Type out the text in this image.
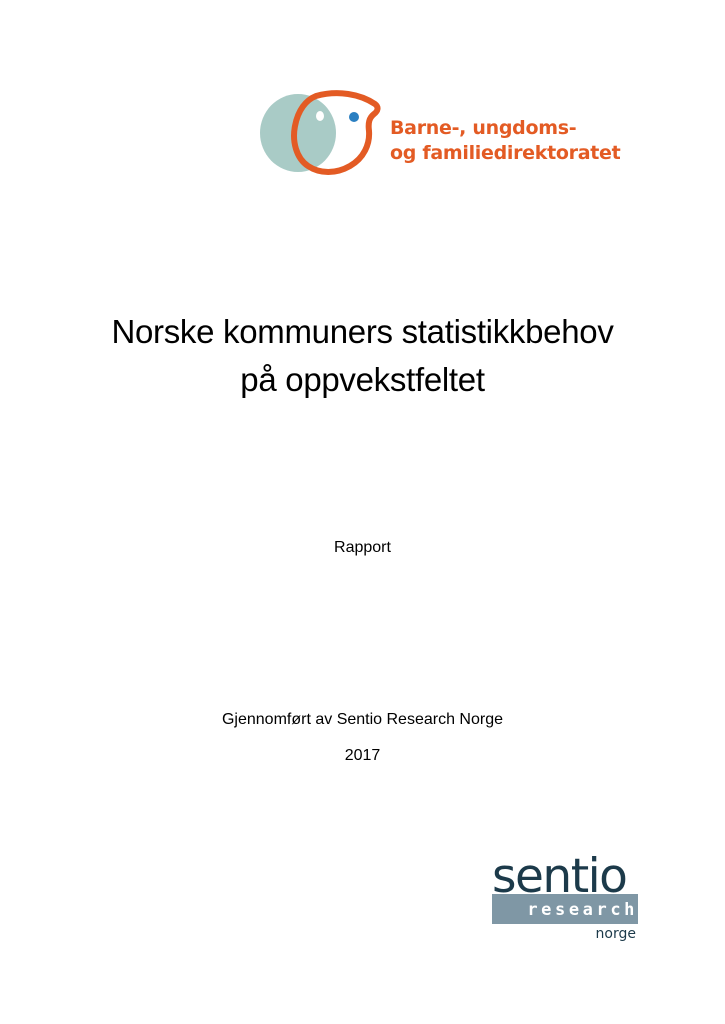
Barne-, ungdoms-
og familiedirektoratet
Norske kommuners statistikkbehov
på oppvekstfeltet
Rapport
Gjennomført av Sentio Research Norge
2017
sentio
research
norge
